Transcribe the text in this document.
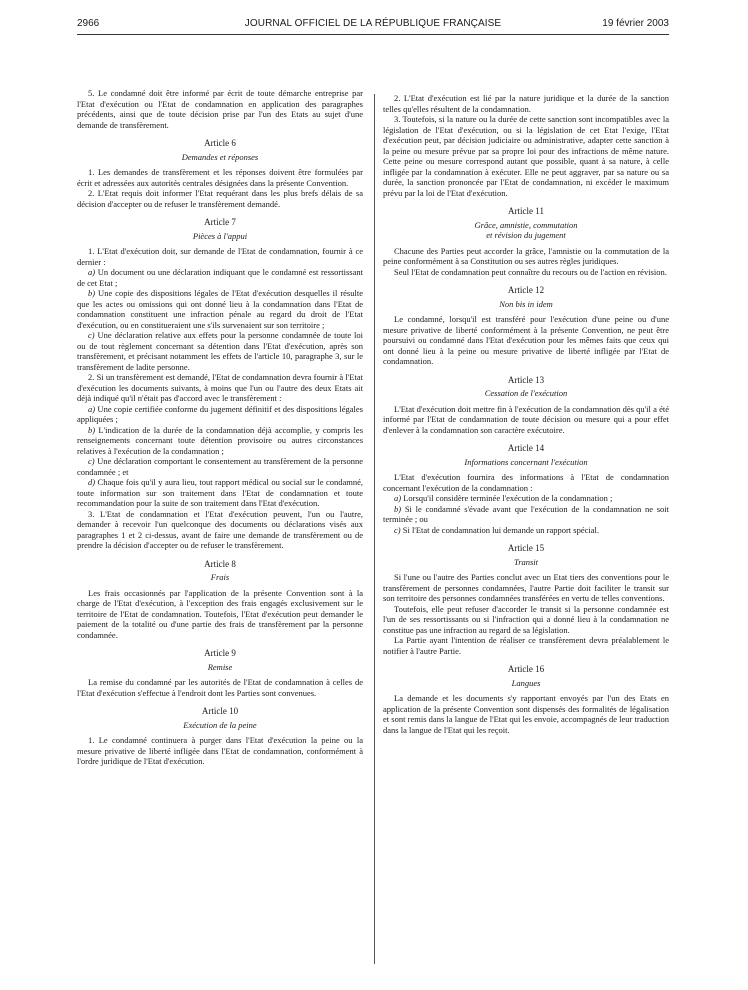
2966	JOURNAL OFFICIEL DE LA RÉPUBLIQUE FRANÇAISE	19 février 2003

5. Le condamné doit être informé par écrit de toute démarche entreprise par l'Etat d'exécution ou l'Etat de condamnation en application des paragraphes précédents, ainsi que de toute décision prise par l'un des Etats au sujet d'une demande de transfèrement.

Article 6
Demandes et réponses

1. Les demandes de transfèrement et les réponses doivent être formulées par écrit et adressées aux autorités centrales désignées dans la présente Convention.

2. L'Etat requis doit informer l'Etat requérant dans les plus brefs délais de sa décision d'accepter ou de refuser le transfèrement demandé.

Article 7
Pièces à l'appui

1. L'Etat d'exécution doit, sur demande de l'Etat de condamnation, fournir à ce dernier :

a) Un document ou une déclaration indiquant que le condamné est ressortissant de cet Etat ;

b) Une copie des dispositions légales de l'Etat d'exécution desquelles il résulte que les actes ou omissions qui ont donné lieu à la condamnation dans l'Etat de condamnation constituent une infraction pénale au regard du droit de l'Etat d'exécution, ou en constitueraient une s'ils survenaient sur son territoire ;

c) Une déclaration relative aux effets pour la personne condamnée de toute loi ou de tout règlement concernant sa détention dans l'Etat d'exécution, après son transfèrement, et précisant notamment les effets de l'article 10, paragraphe 3, sur le transfèrement de ladite personne.

2. Si un transfèrement est demandé, l'Etat de condamnation devra fournir à l'Etat d'exécution les documents suivants, à moins que l'un ou l'autre des deux Etats ait déjà indiqué qu'il n'était pas d'accord avec le transfèrement :

a) Une copie certifiée conforme du jugement définitif et des dispositions légales appliquées ;

b) L'indication de la durée de la condamnation déjà accomplie, y compris les renseignements concernant toute détention provisoire ou autres circonstances relatives à l'exécution de la condamnation ;

c) Une déclaration comportant le consentement au transfèrement de la personne condamnée ; et

d) Chaque fois qu'il y aura lieu, tout rapport médical ou social sur le condamné, toute information sur son traitement dans l'Etat de condamnation et toute recommandation pour la suite de son traitement dans l'Etat d'exécution.

3. L'Etat de condamnation et l'Etat d'exécution peuvent, l'un ou l'autre, demander à recevoir l'un quelconque des documents ou déclarations visés aux paragraphes 1 et 2 ci-dessus, avant de faire une demande de transfèrement ou de prendre la décision d'accepter ou de refuser le transfèrement.

Article 8
Frais

Les frais occasionnés par l'application de la présente Convention sont à la charge de l'Etat d'exécution, à l'exception des frais engagés exclusivement sur le territoire de l'Etat de condamnation. Toutefois, l'Etat d'exécution peut demander le paiement de la totalité ou d'une partie des frais de transfèrement par la personne condamnée.

Article 9
Remise

La remise du condamné par les autorités de l'Etat de condamnation à celles de l'Etat d'exécution s'effectue à l'endroit dont les Parties sont convenues.

Article 10
Exécution de la peine

1. Le condamné continuera à purger dans l'Etat d'exécution la peine ou la mesure privative de liberté infligée dans l'Etat de condamnation, conformément à l'ordre juridique de l'Etat d'exécution.

2. L'Etat d'exécution est lié par la nature juridique et la durée de la sanction telles qu'elles résultent de la condamnation.

3. Toutefois, si la nature ou la durée de cette sanction sont incompatibles avec la législation de l'Etat d'exécution, ou si la législation de cet Etat l'exige, l'Etat d'exécution peut, par décision judiciaire ou administrative, adapter cette sanction à la peine ou mesure prévue par sa propre loi pour des infractions de même nature. Cette peine ou mesure correspond autant que possible, quant à sa nature, à celle infligée par la condamnation à exécuter. Elle ne peut aggraver, par sa nature ou sa durée, la sanction prononcée par l'Etat de condamnation, ni excéder le maximum prévu par la loi de l'Etat d'exécution.

Article 11
Grâce, amnistie, commutation
et révision du jugement

Chacune des Parties peut accorder la grâce, l'amnistie ou la commutation de la peine conformément à sa Constitution ou ses autres règles juridiques.

Seul l'Etat de condamnation peut connaître du recours ou de l'action en révision.

Article 12
Non bis in idem

Le condamné, lorsqu'il est transféré pour l'exécution d'une peine ou d'une mesure privative de liberté conformément à la présente Convention, ne peut être poursuivi ou condamné dans l'Etat d'exécution pour les mêmes faits que ceux qui ont donné lieu à la peine ou mesure privative de liberté infligée par l'Etat de condamnation.

Article 13
Cessation de l'exécution

L'Etat d'exécution doit mettre fin à l'exécution de la condamnation dès qu'il a été informé par l'Etat de condamnation de toute décision ou mesure qui a pour effet d'enlever à la condamnation son caractère exécutoire.

Article 14
Informations concernant l'exécution

L'Etat d'exécution fournira des informations à l'Etat de condamnation concernant l'exécution de la condamnation :

a) Lorsqu'il considère terminée l'exécution de la condamnation ;

b) Si le condamné s'évade avant que l'exécution de la condamnation ne soit terminée ; ou

c) Si l'Etat de condamnation lui demande un rapport spécial.

Article 15
Transit

Si l'une ou l'autre des Parties conclut avec un Etat tiers des conventions pour le transfèrement de personnes condamnées, l'autre Partie doit faciliter le transit sur son territoire des personnes condamnées transférées en vertu de telles conventions.

Toutefois, elle peut refuser d'accorder le transit si la personne condamnée est l'un de ses ressortissants ou si l'infraction qui a donné lieu à la condamnation ne constitue pas une infraction au regard de sa législation.

La Partie ayant l'intention de réaliser ce transfèrement devra préalablement le notifier à l'autre Partie.

Article 16
Langues

La demande et les documents s'y rapportant envoyés par l'un des Etats en application de la présente Convention sont dispensés des formalités de légalisation et sont remis dans la langue de l'Etat qui les envoie, accompagnés de leur traduction dans la langue de l'Etat qui les reçoit.
